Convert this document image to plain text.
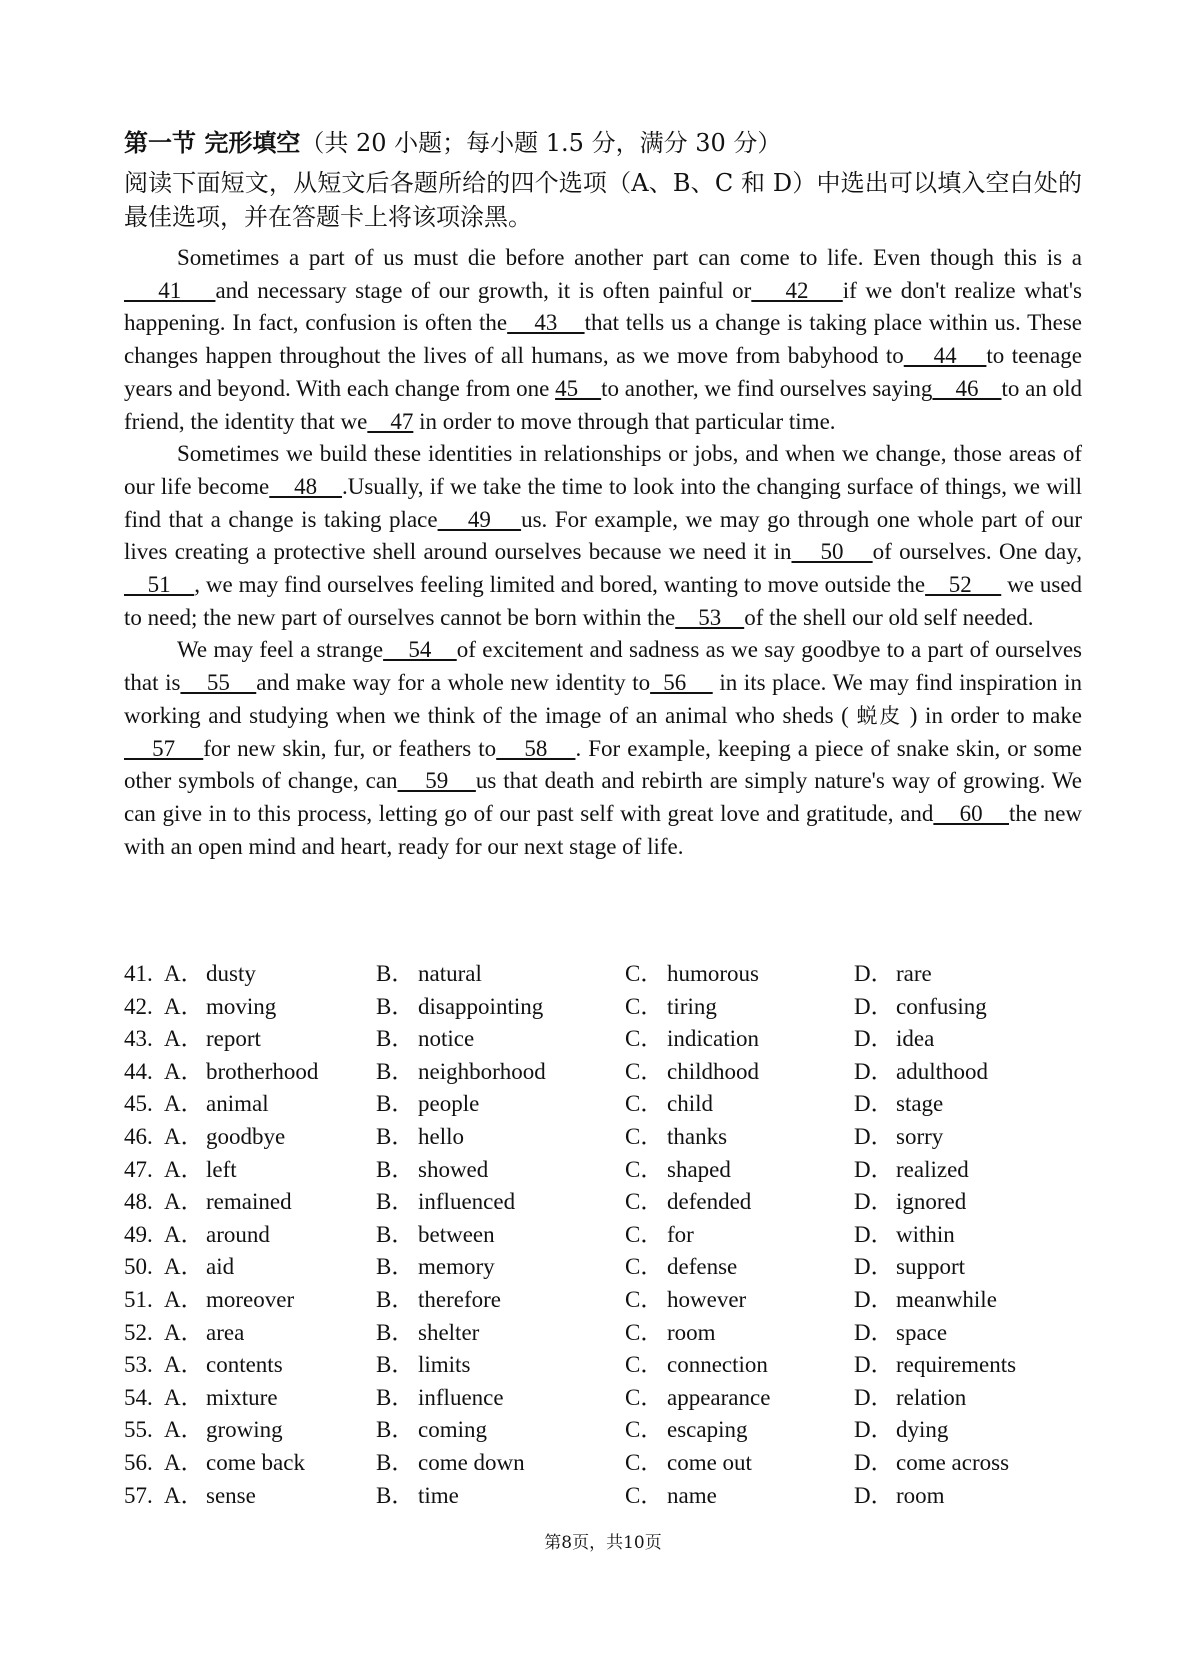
第一节 完形填空（共 20 小题；每小题 1.5 分，满分 30 分）
阅读下面短文，从短文后各题所给的四个选项（A、B、C 和 D）中选出可以填入空白处的最佳选项，并在答题卡上将该项涂黑。

Sometimes a part of us must die before another part can come to life. Even though this is a    41    and necessary stage of our growth, it is often painful or    42    if we don't realize what's happening. In fact, confusion is often the    43    that tells us a change is taking place within us. These changes happen throughout the lives of all humans, as we move from babyhood to    44    to teenage years and beyond. With each change from one 45    to another, we find ourselves saying    46    to an old friend, the identity that we    47 in order to move through that particular time.

Sometimes we build these identities in relationships or jobs, and when we change, those areas of our life become    48    .Usually, if we take the time to look into the changing surface of things, we will find that a change is taking place    49    us. For example, we may go through one whole part of our lives creating a protective shell around ourselves because we need it in    50    of ourselves. One day,     51    , we may find ourselves feeling limited and bored, wanting to move outside the    52      we used to need; the new part of ourselves cannot be born within the    53    of the shell our old self needed.

We may feel a strange    54    of excitement and sadness as we say goodbye to a part of ourselves that is    55    and make way for a whole new identity to  56     in its place. We may find inspiration in working and studying when we think of the image of an animal who sheds ( 蜕皮 ) in order to make    57    for new skin, fur, or feathers to    58    . For example, keeping a piece of snake skin, or some other symbols of change, can    59    us that death and rebirth are simply nature's way of growing. We can give in to this process, letting go of our past self with great love and gratitude, and    60    the new with an open mind and heart, ready for our next stage of life.

41. A． dusty	B． natural	C． humorous	D． rare
42. A． moving	B． disappointing	C． tiring	D． confusing
43. A． report	B． notice	C． indication	D． idea
44. A． brotherhood	B． neighborhood	C． childhood	D． adulthood
45. A． animal	B． people	C． child	D． stage
46. A． goodbye	B． hello	C． thanks	D． sorry
47. A． left	B． showed	C． shaped	D． realized
48. A． remained	B． influenced	C． defended	D． ignored
49. A． around	B． between	C． for	D． within
50. A． aid	B． memory	C． defense	D． support
51. A． moreover	B． therefore	C． however	D． meanwhile
52. A． area	B． shelter	C． room	D． space
53. A． contents	B． limits	C． connection	D． requirements
54. A． mixture	B． influence	C． appearance	D． relation
55. A． growing	B． coming	C． escaping	D． dying
56. A． come back	B． come down	C． come out	D． come across
57. A． sense	B． time	C． name	D． room
第8页，共10页
